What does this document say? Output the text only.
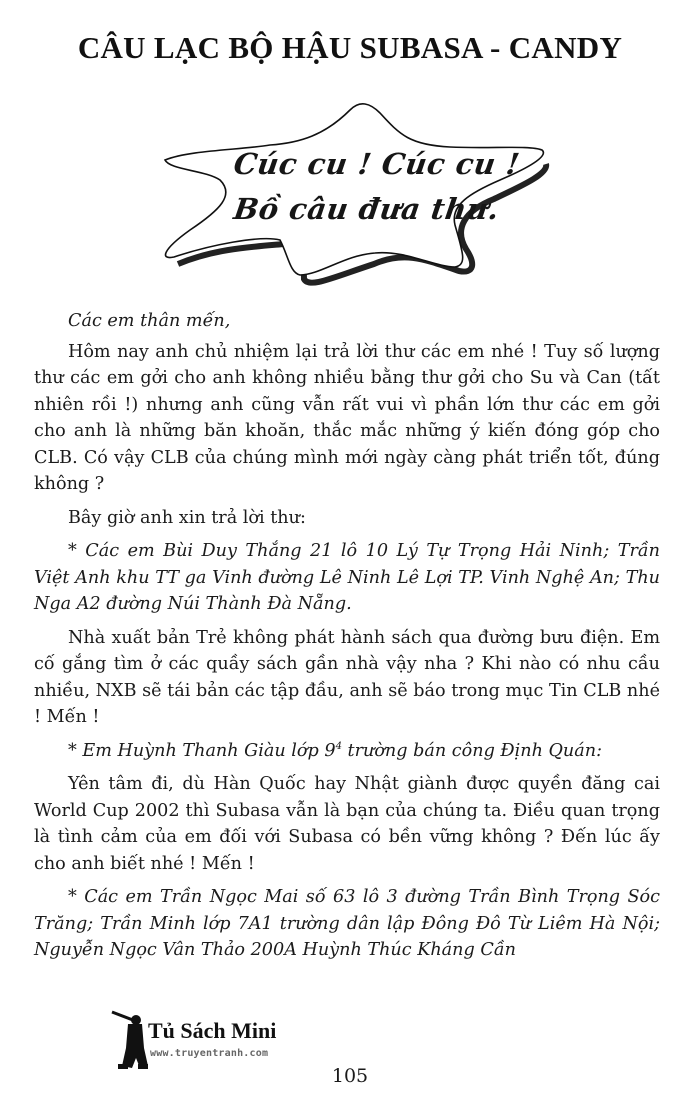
CÂU LẠC BỘ HẬU SUBASA - CANDY
Cúc cu ! Cúc cu !
Bồ câu đưa thư.

Các em thân mến,

Hôm nay anh chủ nhiệm lại trả lời thư các em nhé ! Tuy số lượng thư các em gởi cho anh không nhiều bằng thư gởi cho Su và Can (tất nhiên rồi !) nhưng anh cũng vẫn rất vui vì phần lớn thư các em gởi cho anh là những băn khoăn, thắc mắc những ý kiến đóng góp cho CLB. Có vậy CLB của chúng mình mới ngày càng phát triển tốt, đúng không ?

Bây giờ anh xin trả lời thư:

* Các em Bùi Duy Thắng 21 lô 10 Lý Tự Trọng Hải Ninh; Trần Việt Anh khu TT ga Vinh đường Lê Ninh Lê Lợi TP. Vinh Nghệ An; Thu Nga A2 đường Núi Thành Đà Nẵng.

Nhà xuất bản Trẻ không phát hành sách qua đường bưu điện. Em cố gắng tìm ở các quầy sách gần nhà vậy nha ? Khi nào có nhu cầu nhiều, NXB sẽ tái bản các tập đầu, anh sẽ báo trong mục Tin CLB nhé ! Mến !

* Em Huỳnh Thanh Giàu lớp $9^4$ trường bán công Định Quán:

Yên tâm đi, dù Hàn Quốc hay Nhật giành được quyền đăng cai World Cup 2002 thì Subasa vẫn là bạn của chúng ta. Điều quan trọng là tình cảm của em đối với Subasa có bền vững không ? Đến lúc ấy cho anh biết nhé ! Mến !

* Các em Trần Ngọc Mai số 63 lô 3 đường Trần Bình Trọng Sóc Trăng; Trần Minh lớp 7A1 trường dân lập Đông Đô Từ Liêm Hà Nội; Nguyễn Ngọc Vân Thảo 200A Huỳnh Thúc Kháng Cần

Tủ Sách Mini
www.truyentranh.com
105
